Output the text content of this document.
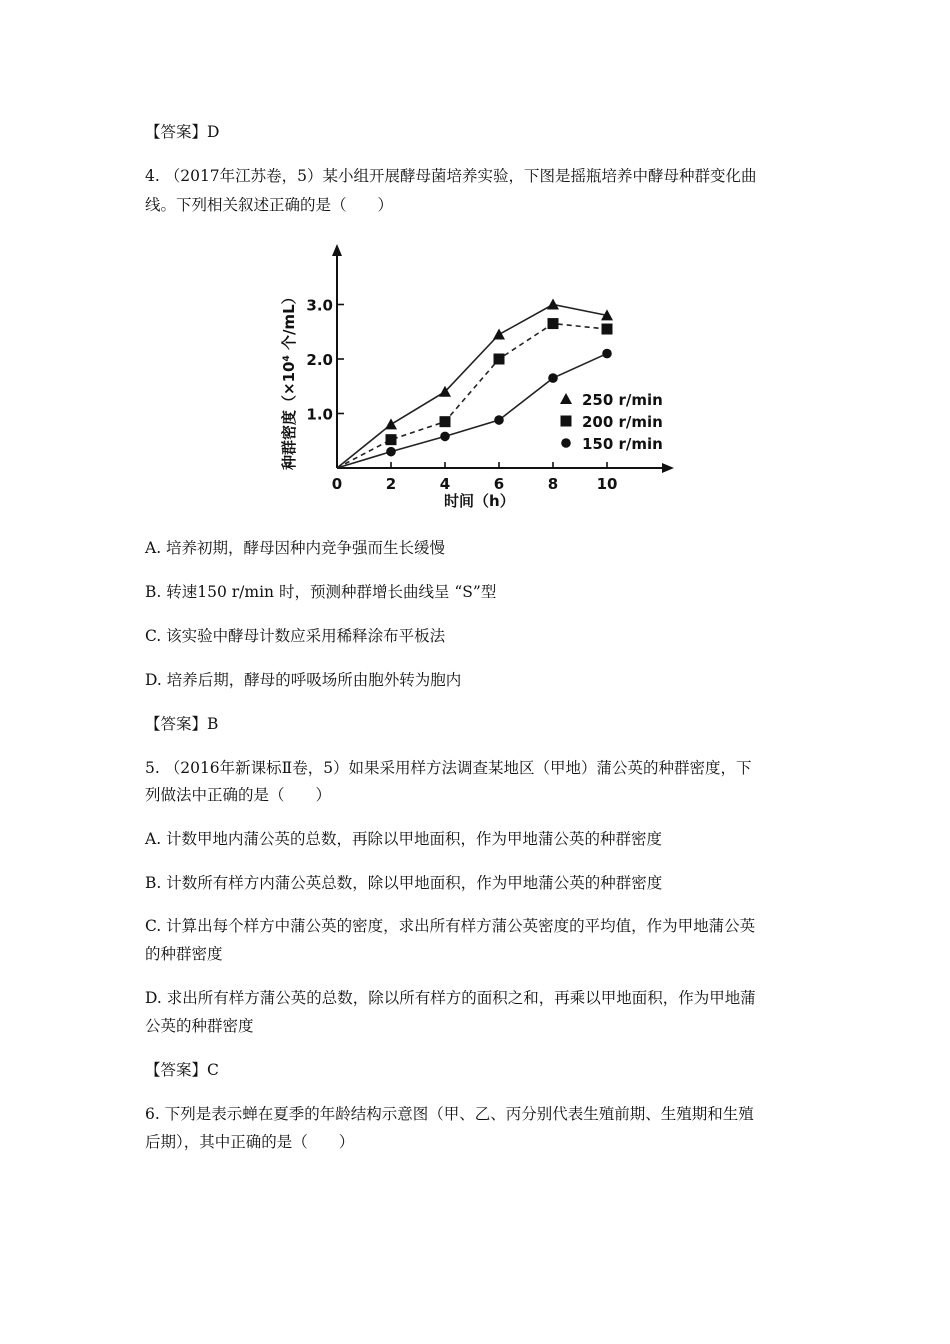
【答案】D
4. （2017年江苏卷，5）某小组开展酵母菌培养实验，下图是摇瓶培养中酵母种群变化曲
线。下列相关叙述正确的是（　　）
0	2	4	6	8	10
1.0
2.0
3.0
250 r/min
200 r/min
150 r/min
时间（h）
种群密度（$\times 10^4$ 个/mL）
A. 培养初期，酵母因种内竞争强而生长缓慢
B. 转速150 r/min 时，预测种群增长曲线呈 “S”型
C. 该实验中酵母计数应采用稀释涂布平板法
D. 培养后期，酵母的呼吸场所由胞外转为胞内
【答案】B
5. （2016年新课标Ⅱ卷，5）如果采用样方法调查某地区（甲地）蒲公英的种群密度，下
列做法中正确的是（　　）
A. 计数甲地内蒲公英的总数，再除以甲地面积，作为甲地蒲公英的种群密度
B. 计数所有样方内蒲公英总数，除以甲地面积，作为甲地蒲公英的种群密度
C. 计算出每个样方中蒲公英的密度，求出所有样方蒲公英密度的平均值，作为甲地蒲公英
的种群密度
D. 求出所有样方蒲公英的总数，除以所有样方的面积之和，再乘以甲地面积，作为甲地蒲
公英的种群密度
【答案】C
6. 下列是表示蝉在夏季的年龄结构示意图（甲、乙、丙分别代表生殖前期、生殖期和生殖
后期），其中正确的是（　　）
